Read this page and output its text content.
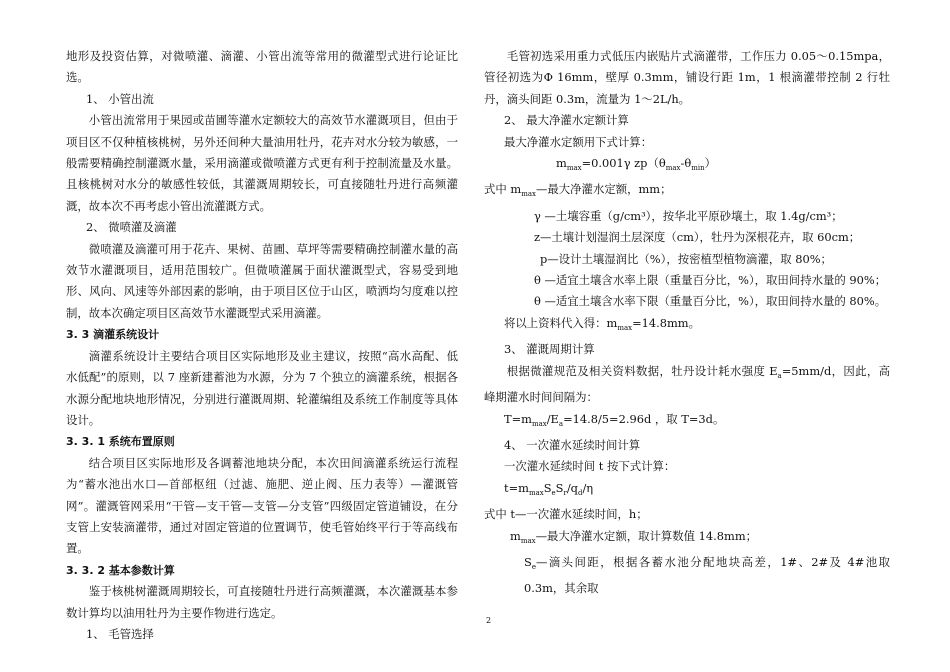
地形及投资估算，对微喷灌、滴灌、小管出流等常用的微灌型式进行论证比选。

1、 小管出流

小管出流常用于果园或苗圃等灌水定额较大的高效节水灌溉项目，但由于项目区不仅种植核桃树，另外还间种大量油用牡丹，花卉对水分较为敏感，一般需要精确控制灌溉水量，采用滴灌或微喷灌方式更有利于控制流量及水量。且核桃树对水分的敏感性较低，其灌溉周期较长，可直接随牡丹进行高频灌溉，故本次不再考虑小管出流灌溉方式。

2、 微喷灌及滴灌

微喷灌及滴灌可用于花卉、果树、苗圃、草坪等需要精确控制灌水量的高效节水灌溉项目，适用范围较广。但微喷灌属于面状灌溉型式，容易受到地形、风向、风速等外部因素的影响，由于项目区位于山区，喷洒均匀度难以控制，故本次确定项目区高效节水灌溉型式采用滴灌。

3. 3 滴灌系统设计

滴灌系统设计主要结合项目区实际地形及业主建议，按照“高水高配、低水低配”的原则，以 7 座新建蓄池为水源，分为 7 个独立的滴灌系统，根据各水源分配地块地形情况，分别进行灌溉周期、轮灌编组及系统工作制度等具体设计。

3. 3. 1 系统布置原则

结合项目区实际地形及各调蓄池地块分配，本次田间滴灌系统运行流程为“蓄水池出水口—首部枢纽（过滤、施肥、逆止阀、压力表等）—灌溉管网”。灌溉管网采用“干管—支干管—支管—分支管”四级固定管道铺设，在分支管上安装滴灌带，通过对固定管道的位置调节，使毛管始终平行于等高线布置。

3. 3. 2 基本参数计算

鉴于核桃树灌溉周期较长，可直接随牡丹进行高频灌溉，本次灌溉基本参数计算均以油用牡丹为主要作物进行选定。

1、 毛管选择

毛管初选采用重力式低压内嵌贴片式滴灌带，工作压力 0.05～0.15mpa，管径初选为Φ 16mm，壁厚 0.3mm，铺设行距 1m，1 根滴灌带控制 2 行牡丹，滴头间距 0.3m，流量为 1～2L/h。

2、 最大净灌水定额计算

最大净灌水定额用下式计算：

$m_{max}=0.001\gamma$ $zp(\theta_{max}-\theta_{min})$

式中 $m_{max}—$最大净灌水定额，mm；

γ —土壤容重（g/cm³），按华北平原砂壤土，取 1.4g/cm³；

z—土壤计划湿润土层深度（cm），牡丹为深根花卉，取 60cm；

p—设计土壤湿润比（%），按密植型植物滴灌，取 80%；

θ —适宜土壤含水率上限（重量百分比，%），取田间持水量的 90%；

θ —适宜土壤含水率下限（重量百分比，%），取田间持水量的 80%。

将以上资料代入得：$m_{max}=14.8mm$。

3、 灌溉周期计算

根据微灌规范及相关资料数据，牡丹设计耗水强度 $E_a=5mm/d$，因此，高峰期灌水时间间隔为：

$T=m_{max}/E_a=14.8/5=2.96d$ ，取 T=3d。

4、 一次灌水延续时间计算

一次灌水延续时间 t 按下式计算：

$t=m_{max}S_eS_r/q_d/\eta$

式中 t—一次灌水延续时间，h；

$m_{max}—$最大净灌水定额，取计算数值 14.8mm；

$S_e—$滴头间距，根据各蓄水池分配地块高差，1#、2#及 4#池取 0.3m，其余取

2
